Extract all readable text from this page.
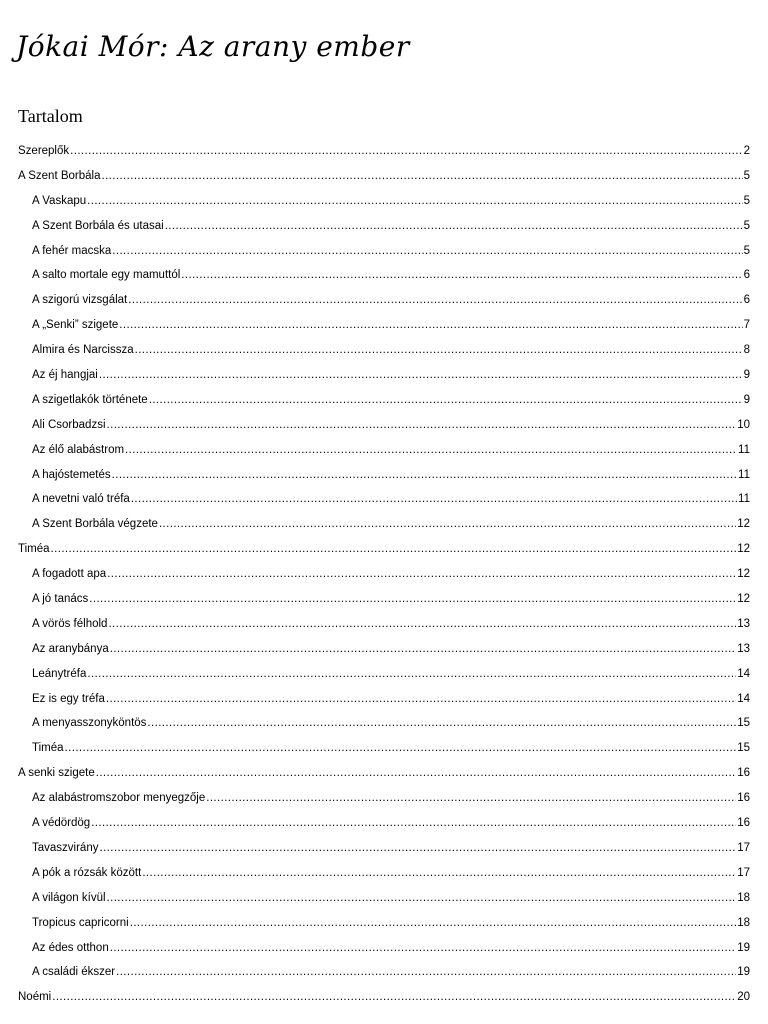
Jókai Mór: Az arany ember
Tartalom
Szereplők .....	2
A Szent Borbála .....	5
A Vaskapu .....	5
A Szent Borbála és utasai .....	5
A fehér macska .....	5
A salto mortale egy mamuttól .....	6
A szigorú vizsgálat .....	6
A „Senki” szigete .....	7
Almira és Narcissza .....	8
Az éj hangjai .....	9
A szigetlakók története .....	9
Ali Csorbadzsi .....	10
Az élő alabástrom .....	11
A hajóstemetés .....	11
A nevetni való tréfa .....	11
A Szent Borbála végzete .....	12
Timéa .....	12
A fogadott apa .....	12
A jó tanács .....	12
A vörös félhold .....	13
Az aranybánya .....	13
Leánytréfa .....	14
Ez is egy tréfa .....	14
A menyasszonyköntös .....	15
Timéa .....	15
A senki szigete .....	16
Az alabástromszobor menyegzője .....	16
A védördög .....	16
Tavaszvirány .....	17
A pók a rózsák között .....	17
A világon kívül .....	18
Tropicus capricorni .....	18
Az édes otthon .....	19
A családi ékszer .....	19
Noémi .....	20
